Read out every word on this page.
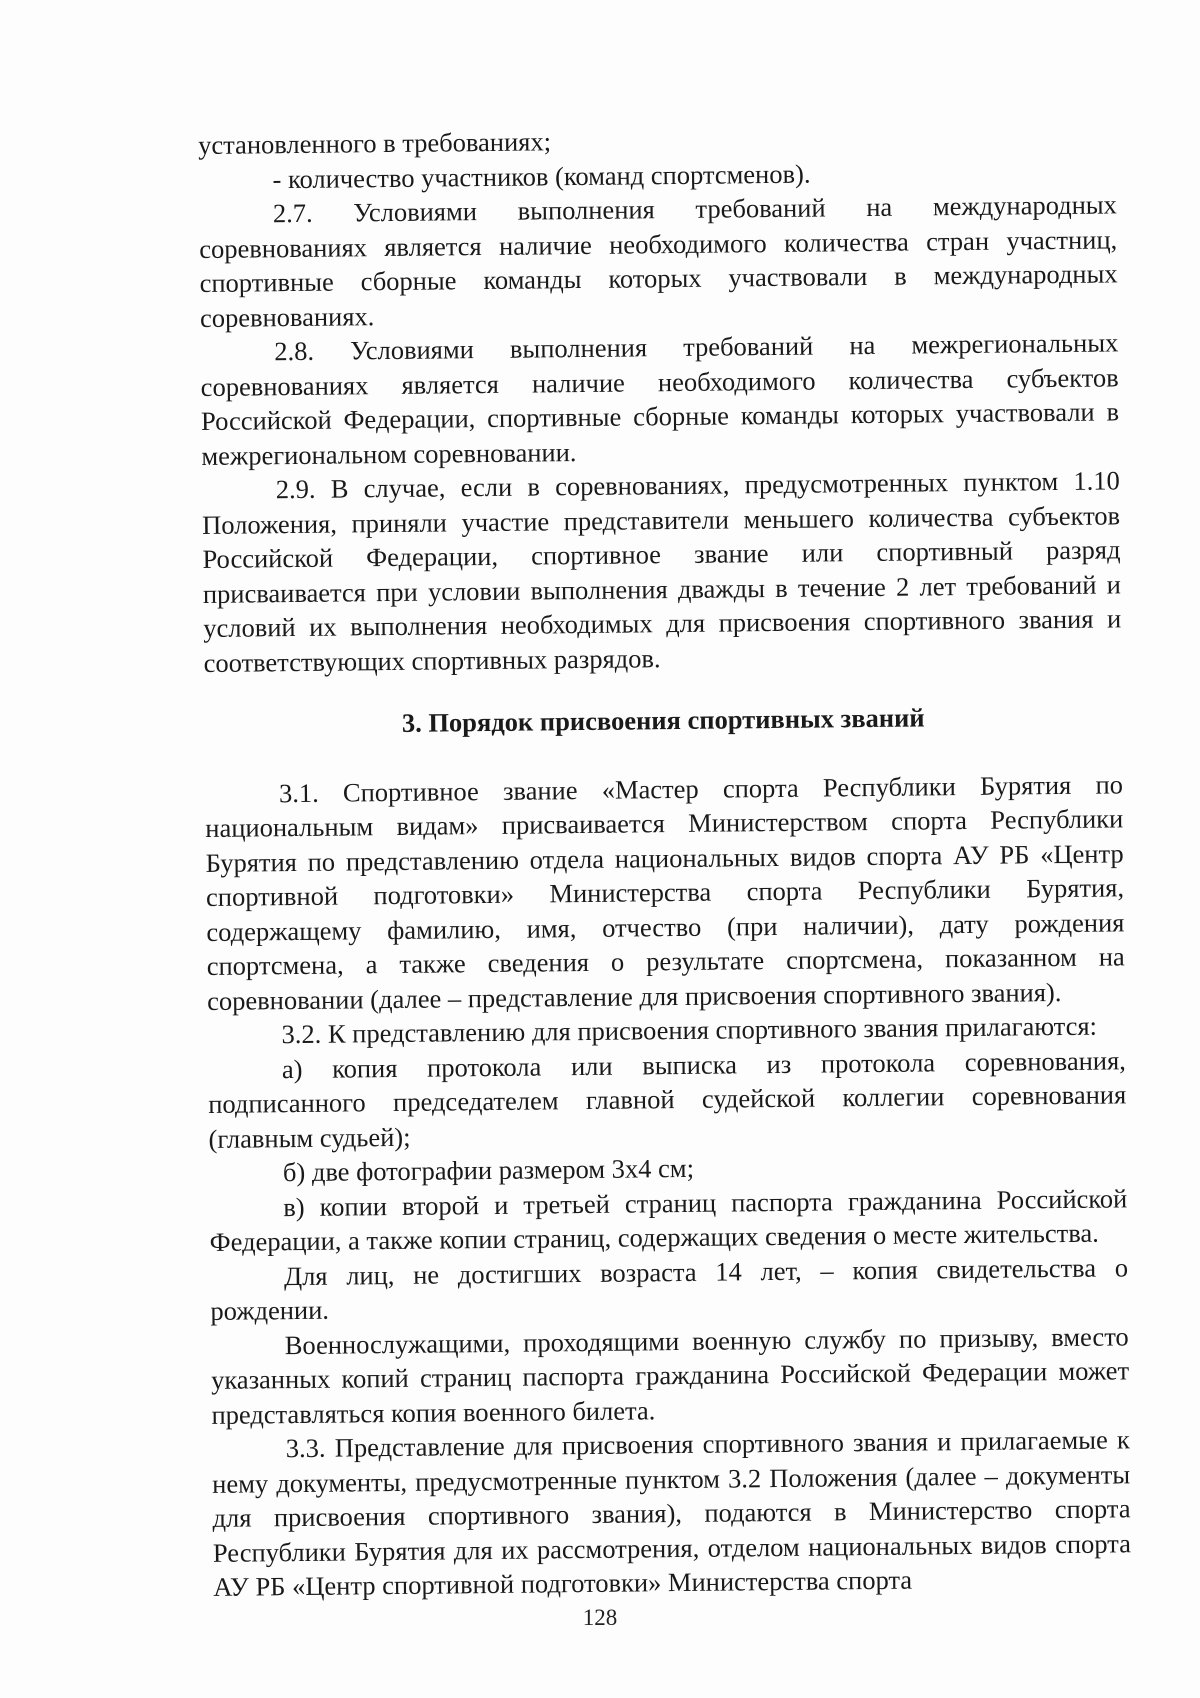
установленного в требованиях;

- количество участников (команд спортсменов).

2.7. Условиями выполнения требований на международных соревнованиях является наличие необходимого количества стран участниц, спортивные сборные команды которых участвовали в международных соревнованиях.

2.8. Условиями выполнения требований на межрегиональных соревнованиях является наличие необходимого количества субъектов Российской Федерации, спортивные сборные команды которых участвовали в межрегиональном соревновании.

2.9. В случае, если в соревнованиях, предусмотренных пунктом 1.10 Положения, приняли участие представители меньшего количества субъектов Российской Федерации, спортивное звание или спортивный разряд присваивается при условии выполнения дважды в течение 2 лет требований и условий их выполнения необходимых для присвоения спортивного звания и соответствующих спортивных разрядов.

3. Порядок присвоения спортивных званий

3.1. Спортивное звание «Мастер спорта Республики Бурятия по национальным видам» присваивается Министерством спорта Республики Бурятия по представлению отдела национальных видов спорта АУ РБ «Центр спортивной подготовки» Министерства спорта Республики Бурятия, содержащему фамилию, имя, отчество (при наличии), дату рождения спортсмена, а также сведения о результате спортсмена, показанном на соревновании (далее – представление для присвоения спортивного звания).

3.2. К представлению для присвоения спортивного звания прилагаются:

а) копия протокола или выписка из протокола соревнования, подписанного председателем главной судейской коллегии соревнования (главным судьей);

б) две фотографии размером 3х4 см;

в) копии второй и третьей страниц паспорта гражданина Российской Федерации, а также копии страниц, содержащих сведения о месте жительства.

Для лиц, не достигших возраста 14 лет, – копия свидетельства о рождении.

Военнослужащими, проходящими военную службу по призыву, вместо указанных копий страниц паспорта гражданина Российской Федерации может представляться копия военного билета.

3.3. Представление для присвоения спортивного звания и прилагаемые к нему документы, предусмотренные пунктом 3.2 Положения (далее – документы для присвоения спортивного звания), подаются в Министерство спорта Республики Бурятия для их рассмотрения, отделом национальных видов спорта АУ РБ «Центр спортивной подготовки» Министерства спорта

128
